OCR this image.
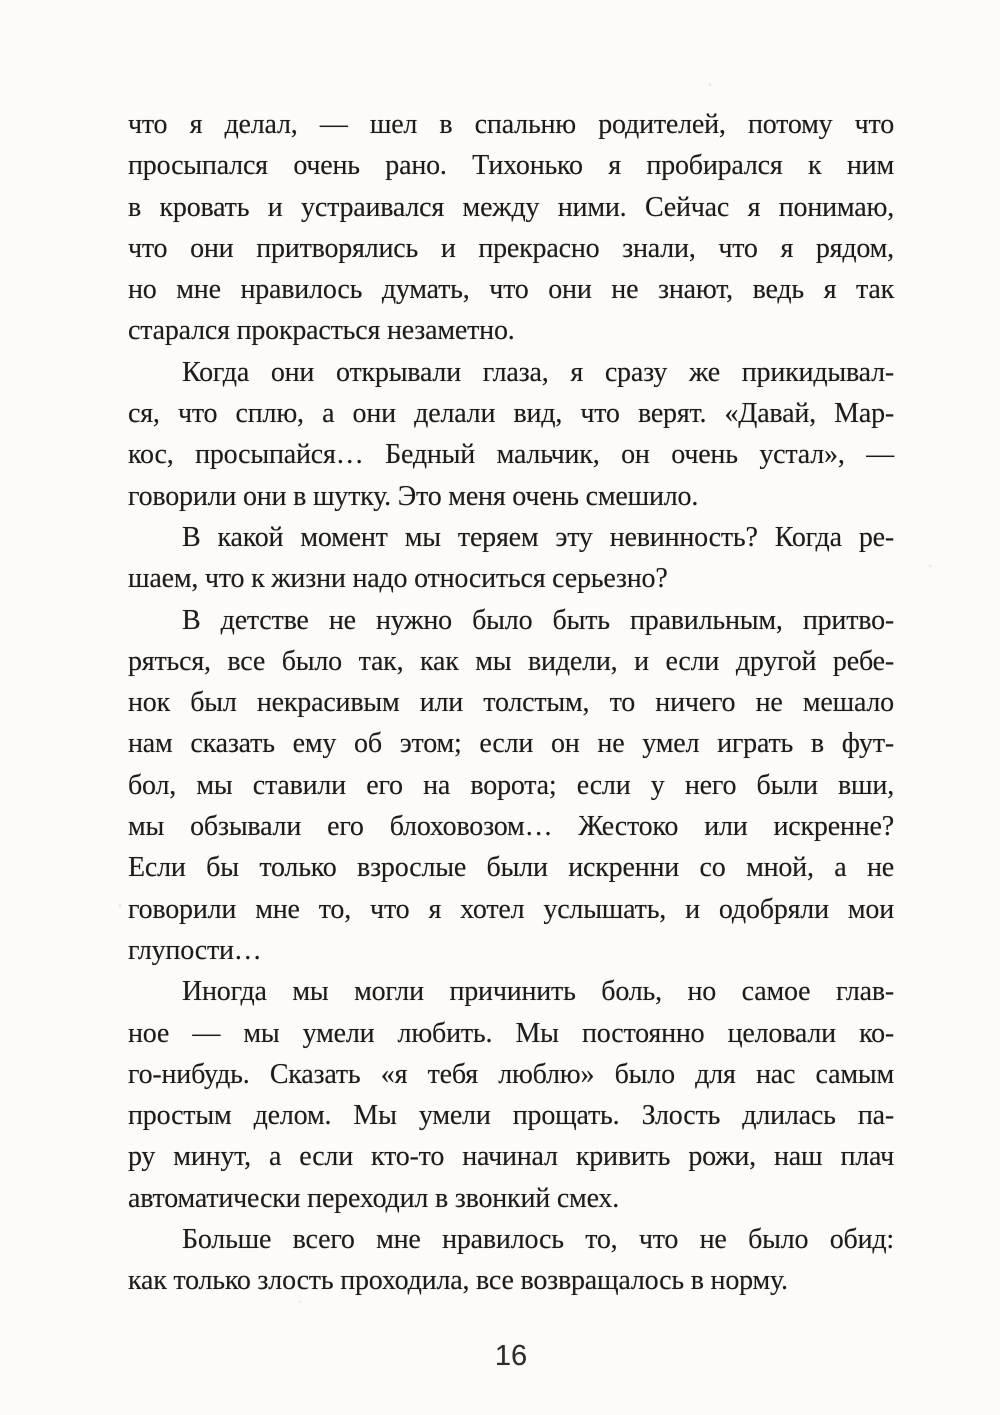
что я делал, — шел в спальню родителей, потому что
просыпался очень рано. Тихонько я пробирался к ним
в кровать и устраивался между ними. Сейчас я понимаю,
что они притворялись и прекрасно знали, что я рядом,
но мне нравилось думать, что они не знают, ведь я так
старался прокрасться незаметно.
Когда они открывали глаза, я сразу же прикидывал-
ся, что сплю, а они делали вид, что верят. «Давай, Мар-
кос, просыпайся… Бедный мальчик, он очень устал», —
говорили они в шутку. Это меня очень смешило.
В какой момент мы теряем эту невинность? Когда ре-
шаем, что к жизни надо относиться серьезно?
В детстве не нужно было быть правильным, притво-
ряться, все было так, как мы видели, и если другой ребе-
нок был некрасивым или толстым, то ничего не мешало
нам сказать ему об этом; если он не умел играть в фут-
бол, мы ставили его на ворота; если у него были вши,
мы обзывали его блоховозом… Жестоко или искренне?
Если бы только взрослые были искренни со мной, а не
говорили мне то, что я хотел услышать, и одобряли мои
глупости…
Иногда мы могли причинить боль, но самое глав-
ное — мы умели любить. Мы постоянно целовали ко-
го-нибудь. Сказать «я тебя люблю» было для нас самым
простым делом. Мы умели прощать. Злость длилась па-
ру минут, а если кто-то начинал кривить рожи, наш плач
автоматически переходил в звонкий смех.
Больше всего мне нравилось то, что не было обид:
как только злость проходила, все возвращалось в норму.
16
